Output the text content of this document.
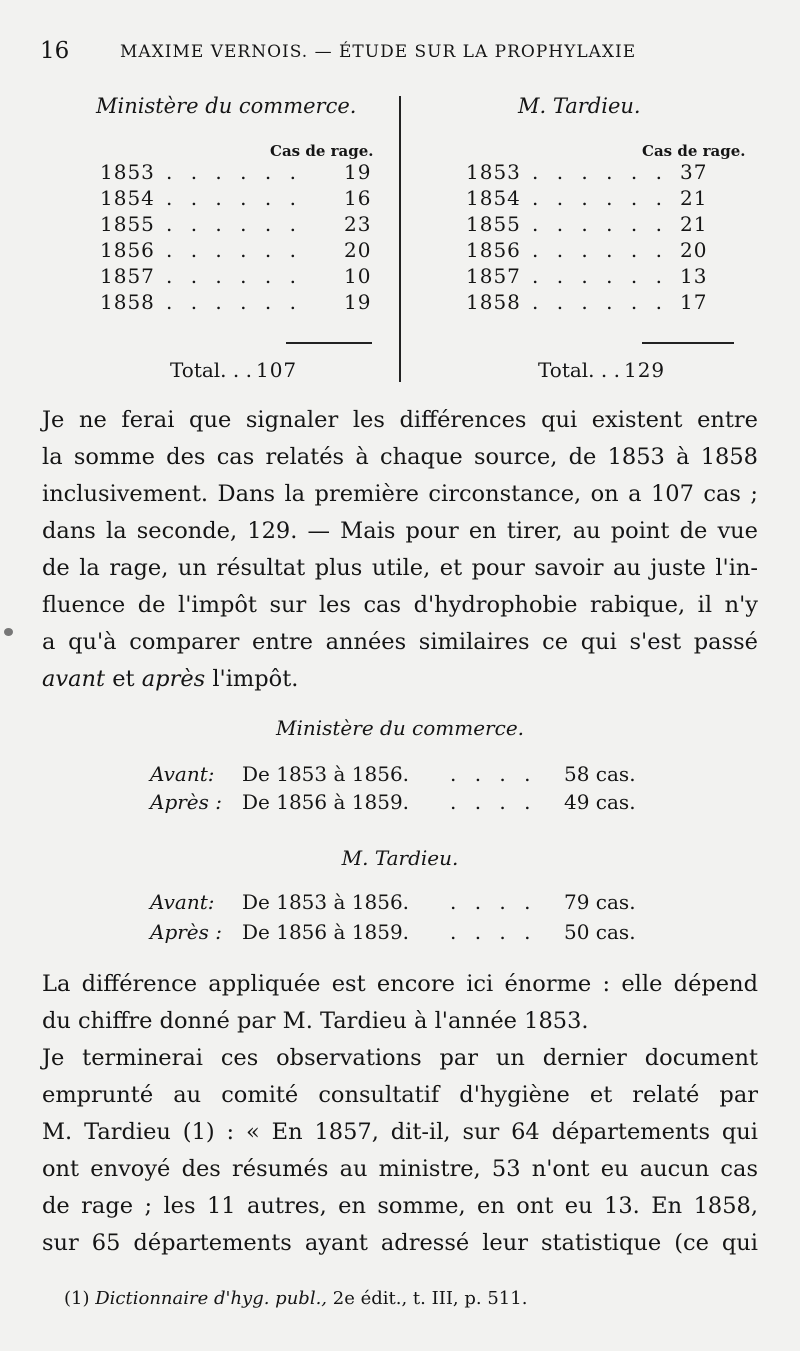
16	MAXIME VERNOIS. — ÉTUDE SUR LA PROPHYLAXIE
Ministère du commerce.
Cas de rage.
1853 . . . . . . 19
1854 . . . . . . 16
1855 . . . . . . 23
1856 . . . . . . 20
1857 . . . . . . 10
1858 . . . . . . 19
Total. . . 107
M. Tardieu.
Cas de rage.
1853 . . . . . . 37
1854 . . . . . . 21
1855 . . . . . . 21
1856 . . . . . . 20
1857 . . . . . . 13
1858 . . . . . . 17
Total. . . 129
Je ne ferai que signaler les différences qui existent entre
la somme des cas relatés à chaque source, de 1853 à 1858
inclusivement. Dans la première circonstance, on a 107 cas ;
dans la seconde, 129. — Mais pour en tirer, au point de vue
de la rage, un résultat plus utile, et pour savoir au juste l'in-
fluence de l'impôt sur les cas d'hydrophobie rabique, il n'y
a qu'à comparer entre années similaires ce qui s'est passé
avant et après l'impôt.
Ministère du commerce.
Avant: De 1853 à 1856. . . . . 58 cas.
Après : De 1856 à 1859. . . . . 49 cas.
M. Tardieu.
Avant: De 1853 à 1856. . . . . 79 cas.
Après : De 1856 à 1859. . . . . 50 cas.
La différence appliquée est encore ici énorme : elle dépend
du chiffre donné par M. Tardieu à l'année 1853.
Je terminerai ces observations par un dernier document
emprunté au comité consultatif d'hygiène et relaté par
M. Tardieu (1) : « En 1857, dit-il, sur 64 départements qui
ont envoyé des résumés au ministre, 53 n'ont eu aucun cas
de rage ; les 11 autres, en somme, en ont eu 13. En 1858,
sur 65 départements ayant adressé leur statistique (ce qui
(1) Dictionnaire d'hyg. publ., 2e édit., t. III, p. 511.
